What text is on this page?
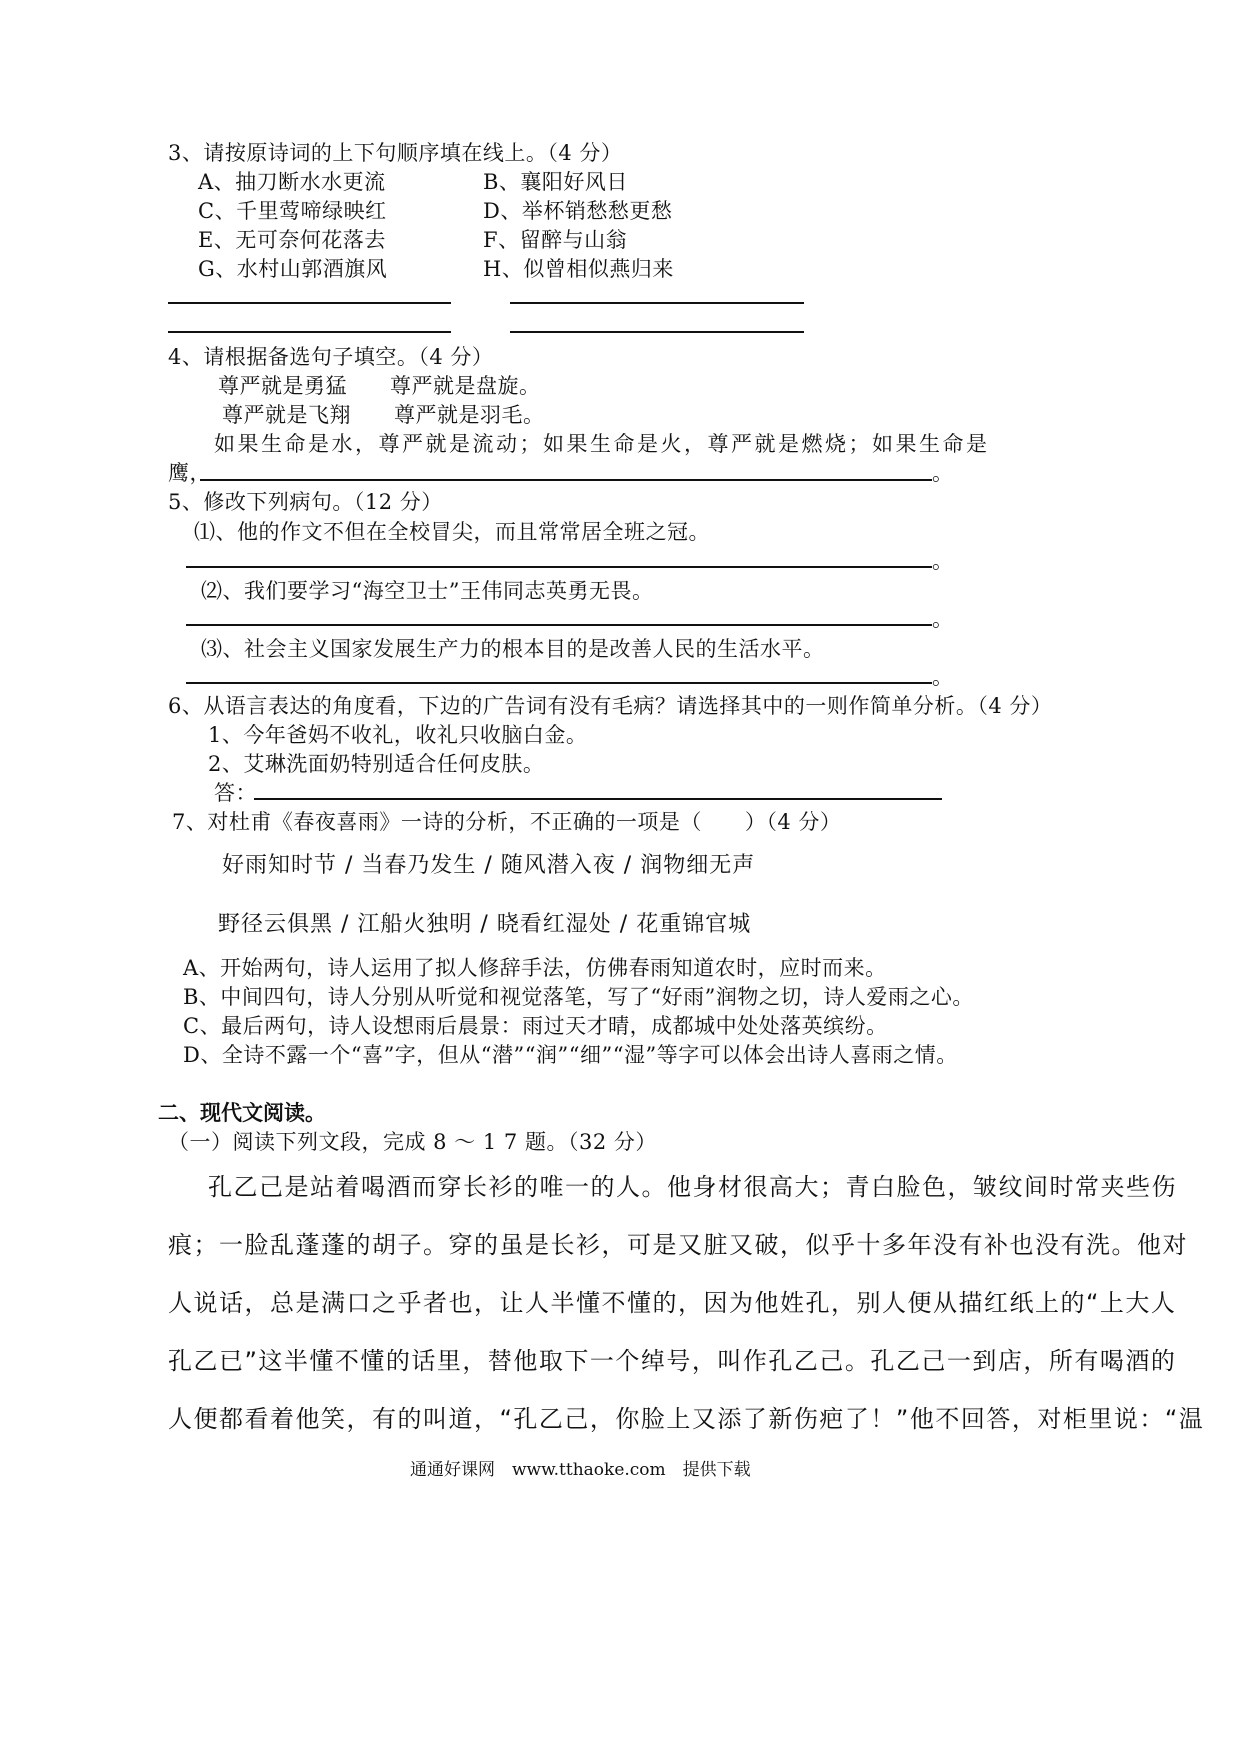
3、请按原诗词的上下句顺序填在线上。（4 分）
A、抽刀断水水更流	B、襄阳好风日
C、千里莺啼绿映红	D、举杯销愁愁更愁
E、无可奈何花落去	F、留醉与山翁
G、水村山郭酒旗风	H、似曾相似燕归来
4、请根据备选句子填空。（4 分）
尊严就是勇猛　　尊严就是盘旋。
尊严就是飞翔　　尊严就是羽毛。
如果生命是水，尊严就是流动；如果生命是火，尊严就是燃烧；如果生命是
鹰，	。
5、修改下列病句。（12 分）
⑴、他的作文不但在全校冒尖，而且常常居全班之冠。
。
⑵、我们要学习“海空卫士”王伟同志英勇无畏。
。
⑶、社会主义国家发展生产力的根本目的是改善人民的生活水平。
。
6、从语言表达的角度看，下边的广告词有没有毛病？请选择其中的一则作简单分析。（4 分）
1、今年爸妈不收礼，收礼只收脑白金。
2、艾琳洗面奶特别适合任何皮肤。
答：
7、对杜甫《春夜喜雨》一诗的分析，不正确的一项是（　　）（4 分）
好雨知时节 / 当春乃发生 / 随风潜入夜 / 润物细无声
野径云俱黑 / 江船火独明 / 晓看红湿处 / 花重锦官城
A、开始两句，诗人运用了拟人修辞手法，仿佛春雨知道农时，应时而来。
B、中间四句，诗人分别从听觉和视觉落笔，写了“好雨”润物之切，诗人爱雨之心。
C、最后两句，诗人设想雨后晨景：雨过天才晴，成都城中处处落英缤纷。
D、全诗不露一个“喜”字，但从“潜”“润”“细”“湿”等字可以体会出诗人喜雨之情。
二、现代文阅读。
（一）阅读下列文段，完成 8 ～ 1 7 题。（32 分）
孔乙己是站着喝酒而穿长衫的唯一的人。他身材很高大；青白脸色，皱纹间时常夹些伤
痕；一脸乱蓬蓬的胡子。穿的虽是长衫，可是又脏又破，似乎十多年没有补也没有洗。他对
人说话，总是满口之乎者也，让人半懂不懂的，因为他姓孔，别人便从描红纸上的“上大人
孔乙已”这半懂不懂的话里，替他取下一个绰号，叫作孔乙己。孔乙己一到店，所有喝酒的
人便都看着他笑，有的叫道，“孔乙己，你脸上又添了新伤疤了！”他不回答，对柜里说：“温
通通好课网　www.tthaoke.com　提供下载
